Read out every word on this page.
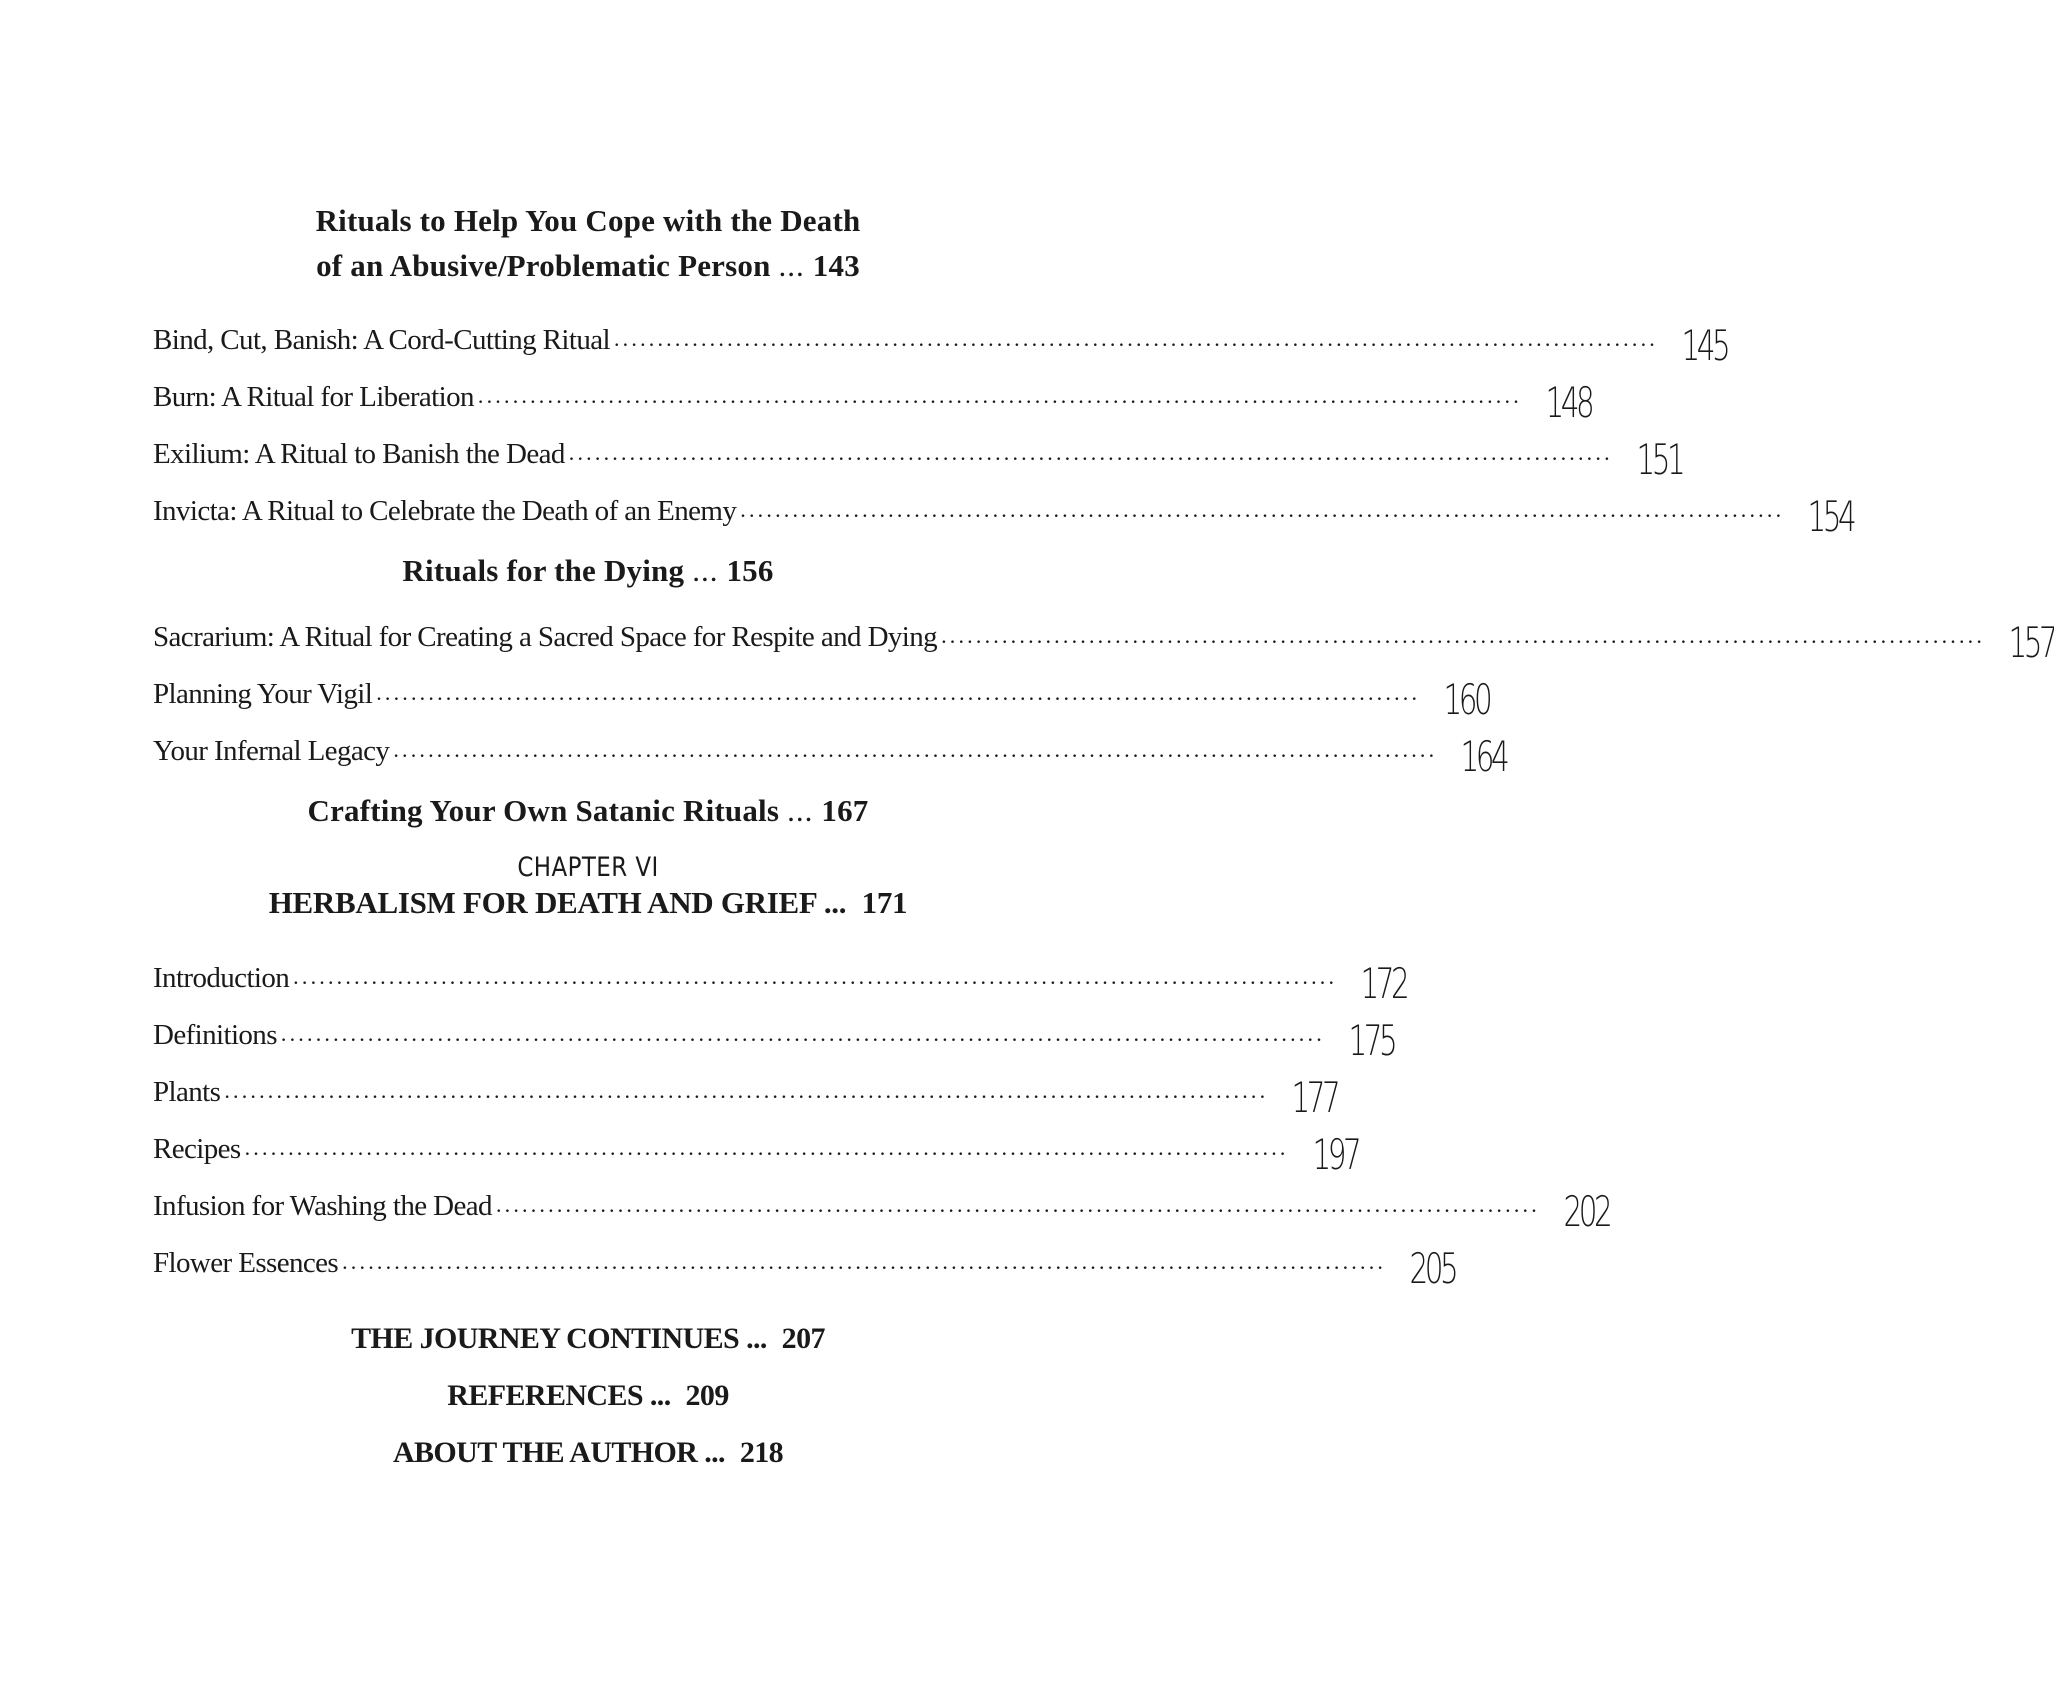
Rituals to Help You Cope with the Death

of an Abusive/Problematic Person ... 143

Bind, Cut, Banish: A Cord-Cutting Ritual ........................................................................................................................ 145
Burn: A Ritual for Liberation ........................................................................................................................ 148
Exilium: A Ritual to Banish the Dead ........................................................................................................................ 151
Invicta: A Ritual to Celebrate the Death of an Enemy ........................................................................................................................ 154

Rituals for the Dying ... 156

Sacrarium: A Ritual for Creating a Sacred Space for Respite and Dying ........................................................................................................................ 157
Planning Your Vigil ........................................................................................................................ 160
Your Infernal Legacy ........................................................................................................................ 164

Crafting Your Own Satanic Rituals ... 167

CHAPTER VI
HERBALISM FOR DEATH AND GRIEF ... 171
Introduction ........................................................................................................................ 172
Definitions ........................................................................................................................ 175
Plants ........................................................................................................................ 177
Recipes ........................................................................................................................ 197
Infusion for Washing the Dead ........................................................................................................................ 202
Flower Essences ........................................................................................................................ 205
THE JOURNEY CONTINUES ... 207
REFERENCES ... 209
ABOUT THE AUTHOR ... 218
